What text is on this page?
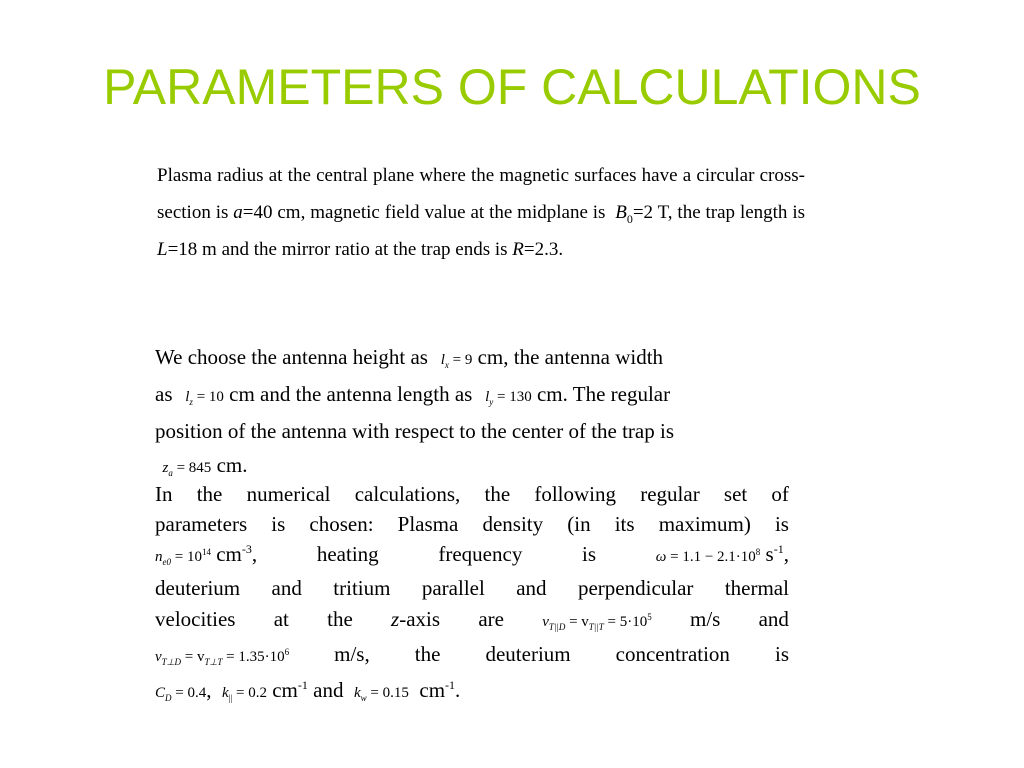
PARAMETERS OF CALCULATIONS
Plasma radius at the central plane where the magnetic surfaces have a circular cross-section is a=40 cm, magnetic field value at the midplane is  $B_0=2$ T, the trap length is L=18 m and the mirror ratio at the trap ends is R=2.3.
We choose the antenna height as $l_x = 9$ cm, the antenna width
as $l_z = 10$ cm and the antenna length as $l_y = 130$ cm. The regular
position of the antenna with respect to the center of the trap is
$z_a = 845$ cm.
In the numerical calculations, the following regular set of
parameters is chosen: Plasma density (in its maximum) is
$n_{e0} = 10^{14}$ $cm^{-3}$,	heating	frequency	is	$\omega = 1.1 - 2.1\cdot 10^8$ $s^{-1}$,
deuterium and tritium parallel and perpendicular thermal
velocities at the z-axis are	$v_{T||D} = v_{T||T} = 5\cdot 10^5$ m/s and
$v_{T\perp D} = v_{T\perp T} = 1.35\cdot 10^6$ m/s, the deuterium concentration is
$C_D = 0.4$, $k_{||} = 0.2$ $cm^{-1}$ and $k_w = 0.15$ $cm^{-1}$.
